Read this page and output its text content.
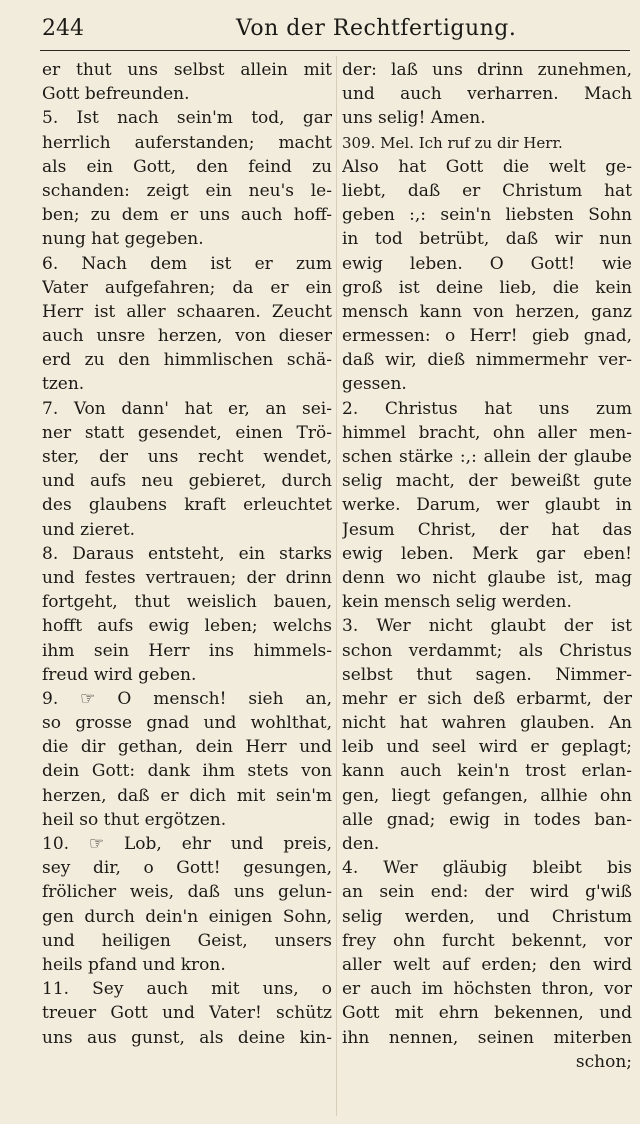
244	Von der Rechtfertigung.
er thut uns selbst allein mit
Gott befreunden.
5. Ist nach sein'm tod, gar
herrlich auferstanden; macht
als ein Gott, den feind zu
schanden: zeigt ein neu's le-
ben; zu dem er uns auch hoff-
nung hat gegeben.
6. Nach dem ist er zum
Vater aufgefahren; da er ein
Herr ist aller schaaren. Zeucht
auch unsre herzen, von dieser
erd zu den himmlischen schä-
tzen.
7. Von dann' hat er, an sei-
ner statt gesendet, einen Trö-
ster, der uns recht wendet,
und aufs neu gebieret, durch
des glaubens kraft erleuchtet
und zieret.
8. Daraus entsteht, ein starks
und festes vertrauen; der drinn
fortgeht, thut weislich bauen,
hofft aufs ewig leben; welchs
ihm sein Herr ins himmels-
freud wird geben.
9. ☞ O mensch! sieh an,
so grosse gnad und wohlthat,
die dir gethan, dein Herr und
dein Gott: dank ihm stets von
herzen, daß er dich mit sein'm
heil so thut ergötzen.
10. ☞ Lob, ehr und preis,
sey dir, o Gott! gesungen,
frölicher weis, daß uns gelun-
gen durch dein'n einigen Sohn,
und heiligen Geist, unsers
heils pfand und kron.
11. Sey auch mit uns, o
treuer Gott und Vater! schütz
uns aus gunst, als deine kin-
der: laß uns drinn zunehmen,
und auch verharren. Mach
uns selig! Amen.
309. Mel. Ich ruf zu dir Herr.
Also hat Gott die welt ge-
liebt, daß er Christum hat
geben :,: sein'n liebsten Sohn
in tod betrübt, daß wir nun
ewig leben. O Gott! wie
groß ist deine lieb, die kein
mensch kann von herzen, ganz
ermessen: o Herr! gieb gnad,
daß wir, dieß nimmermehr ver-
gessen.
2. Christus hat uns zum
himmel bracht, ohn aller men-
schen stärke :,: allein der glaube
selig macht, der beweißt gute
werke. Darum, wer glaubt in
Jesum Christ, der hat das
ewig leben. Merk gar eben!
denn wo nicht glaube ist, mag
kein mensch selig werden.
3. Wer nicht glaubt der ist
schon verdammt; als Christus
selbst thut sagen. Nimmer-
mehr er sich deß erbarmt, der
nicht hat wahren glauben. An
leib und seel wird er geplagt;
kann auch kein'n trost erlan-
gen, liegt gefangen, allhie ohn
alle gnad; ewig in todes ban-
den.
4. Wer gläubig bleibt bis
an sein end: der wird g'wiß
selig werden, und Christum
frey ohn furcht bekennt, vor
aller welt auf erden; den wird
er auch im höchsten thron, vor
Gott mit ehrn bekennen, und
ihn nennen, seinen miterben
schon;
